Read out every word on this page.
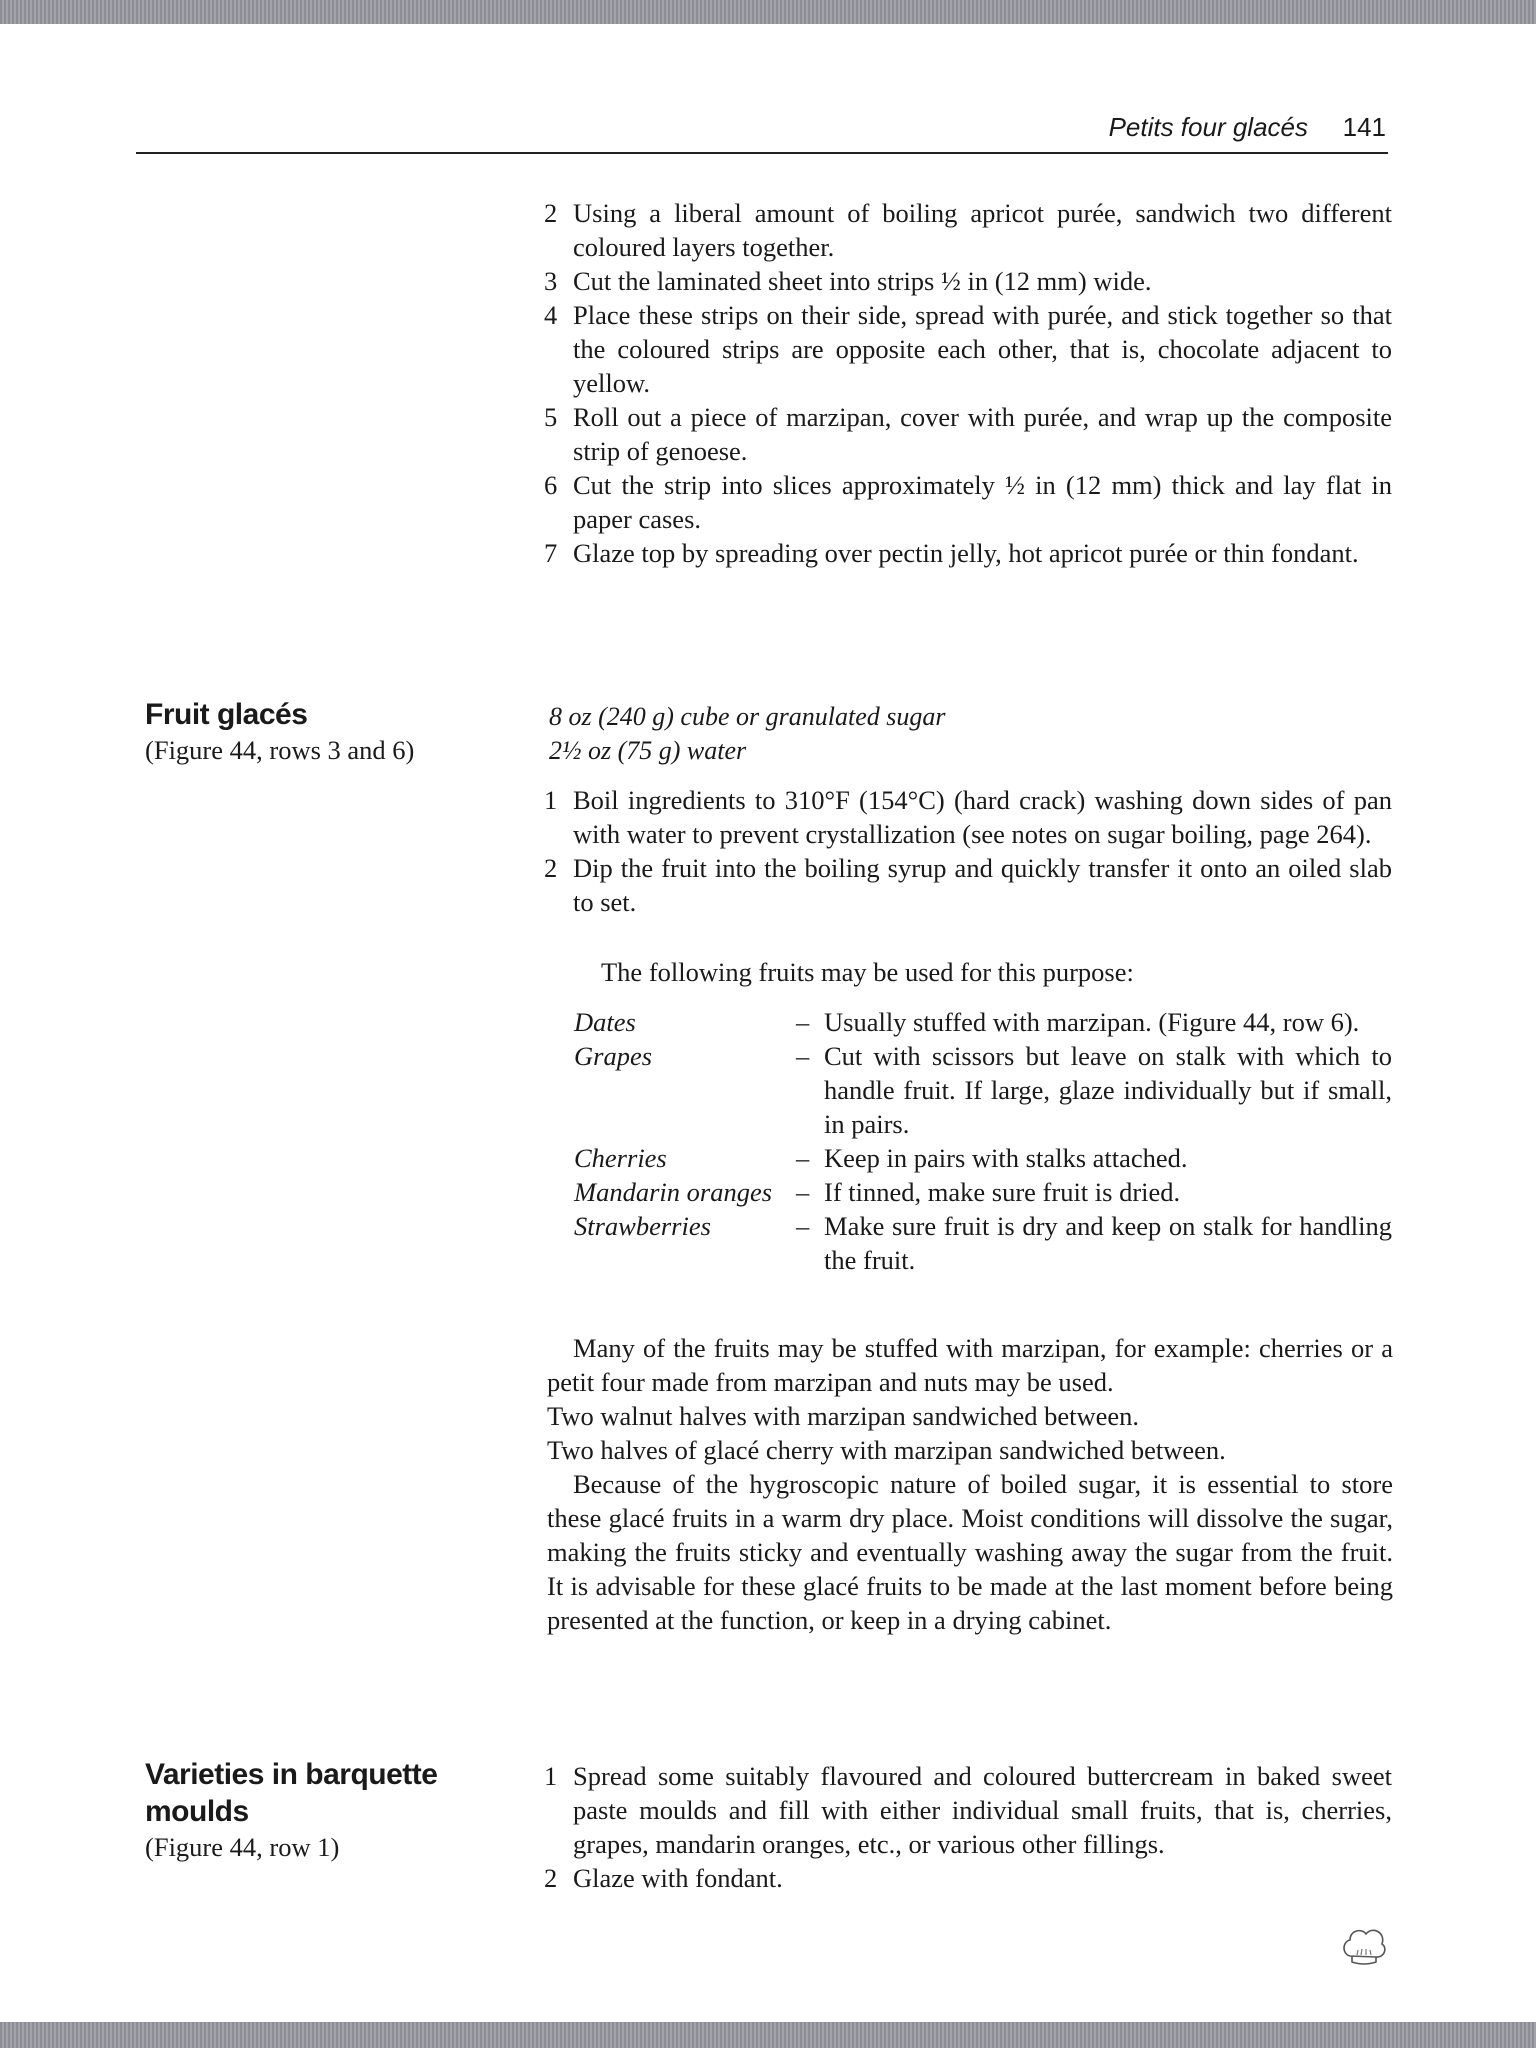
Petits four glacés 141
2 Using a liberal amount of boiling apricot purée, sandwich two different coloured layers together.
3 Cut the laminated sheet into strips ½ in (12 mm) wide.
4 Place these strips on their side, spread with purée, and stick together so that the coloured strips are opposite each other, that is, chocolate adjacent to yellow.
5 Roll out a piece of marzipan, cover with purée, and wrap up the composite strip of genoese.
6 Cut the strip into slices approximately ½ in (12 mm) thick and lay flat in paper cases.
7 Glaze top by spreading over pectin jelly, hot apricot purée or thin fondant.
Fruit glacés
(Figure 44, rows 3 and 6)
8 oz (240 g) cube or granulated sugar
2½ oz (75 g) water
1 Boil ingredients to 310°F (154°C) (hard crack) washing down sides of pan with water to prevent crystallization (see notes on sugar boiling, page 264).
2 Dip the fruit into the boiling syrup and quickly transfer it onto an oiled slab to set.
The following fruits may be used for this purpose:
Dates	– Usually stuffed with marzipan. (Figure 44, row 6).
Grapes	– Cut with scissors but leave on stalk with which to handle fruit. If large, glaze individually but if small, in pairs.
Cherries	– Keep in pairs with stalks attached.
Mandarin oranges – If tinned, make sure fruit is dried.
Strawberries	– Make sure fruit is dry and keep on stalk for handling the fruit.
Many of the fruits may be stuffed with marzipan, for example: cherries or a petit four made from marzipan and nuts may be used.
Two walnut halves with marzipan sandwiched between.
Two halves of glacé cherry with marzipan sandwiched between.
Because of the hygroscopic nature of boiled sugar, it is essential to store these glacé fruits in a warm dry place. Moist conditions will dissolve the sugar, making the fruits sticky and eventually washing away the sugar from the fruit. It is advisable for these glacé fruits to be made at the last moment before being presented at the function, or keep in a drying cabinet.
Varieties in barquette
moulds
(Figure 44, row 1)
1 Spread some suitably flavoured and coloured buttercream in baked sweet paste moulds and fill with either individual small fruits, that is, cherries, grapes, mandarin oranges, etc., or various other fillings.
2 Glaze with fondant.
